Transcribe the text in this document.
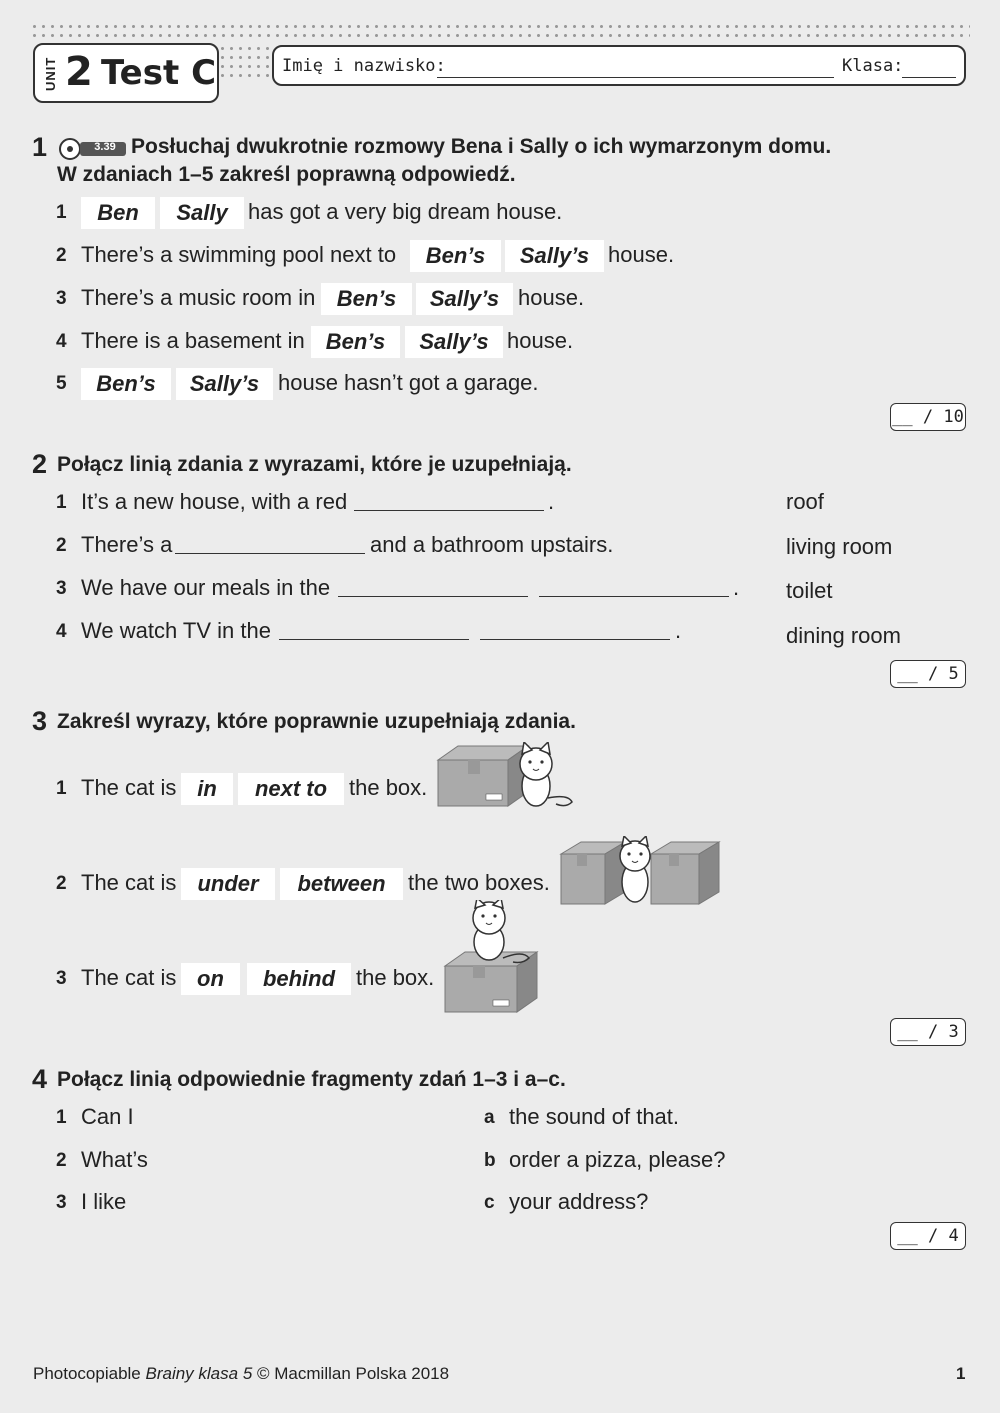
UNIT 2 Test C	Imię i nazwisko:	Klasa:
1	3.39 Posłuchaj dwukrotnie rozmowy Bena i Sally o ich wymarzonym domu.
W zdaniach 1–5 zakreśl poprawną odpowiedź.
1	Ben	Sally has got a very big dream house.
2 There’s a swimming pool next to	Ben’s	Sally’s house.
3 There’s a music room in Ben’s	Sally’s house.
4 There is a basement in Ben’s	Sally’s house.
5	Ben’s	Sally’s house hasn’t got a garage.
__ / 10
2 Połącz linią zdania z wyrazami, które je uzupełniają.
1 It’s a new house, with a red	.
2 There’s a	and a bathroom upstairs.
3 We have our meals in the	.
4 We watch TV in the	.
roof
living room
toilet
dining room
__ / 5
3 Zakreśl wyrazy, które poprawnie uzupełniają zdania.
1 The cat is in	next to the box.
2 The cat is under	between	the two boxes.
3 The cat is on	behind the box.
__ / 3
4 Połącz linią odpowiednie fragmenty zdań 1–3 i a–c.
1 Can I
2 What’s
3 I like
a the sound of that.
b order a pizza, please?
c your address?
__ / 4
Photocopiable Brainy klasa 5 © Macmillan Polska 2018	1
